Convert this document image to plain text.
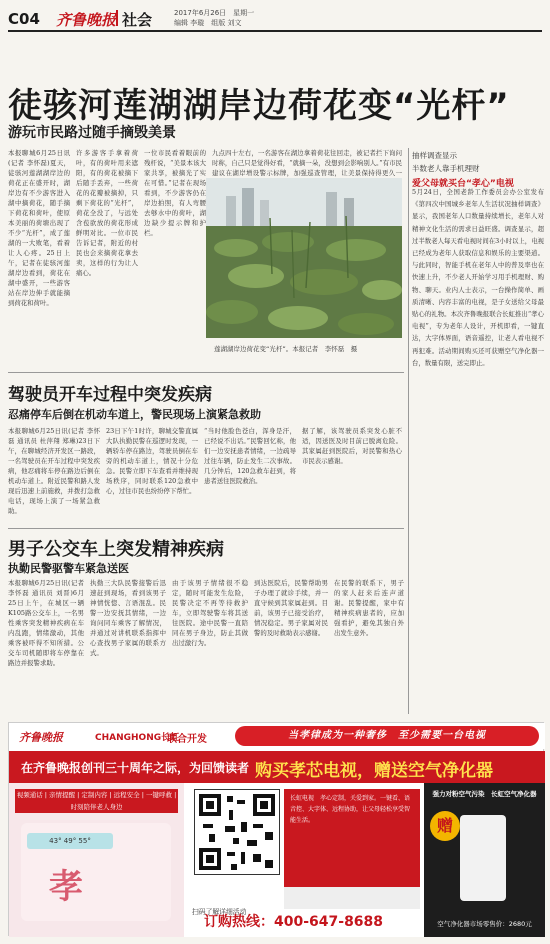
C04 齐鲁晚报 社会	2017年6月26日　星期一
编辑 李璇　组版 刘文
徒骇河莲湖湖岸边荷花变“光杆”
游玩市民路过随手摘毁美景
本报聊城6月25日讯(记者 李怀磊)夏天，徒骇河莲湖湖岸边的荷花正在盛开时，湖岸边有不少游客进入湖中摘荷花，随手摘下荷花和荷叶，使原本美丽的荷塘出现了不少“光杆”，成了莲湖的一大败笔，看着让人心疼。25日上午，记者在徒骇河莲湖岸边看到，荷花在湖中盛开，一些游客站在岸边伸手就能摘到荷花和荷叶。
许多游客手拿着荷叶，有的荷叶用来遮阳，有的荷花被摘下后随手丢弃，一些荷花的花瓣被摘掉，只剩下荷花的“光杆”，荷花全没了，与远处含苞欲放的荷花形成鲜明对比。一位市民告诉记者，附近的村民也会来摘荷花拿去卖，这样的行为让人痛心。
一位市民看着眼前的残杆说，“美景本该大家共享，被摘光了实在可惜。”记者在现场看到，不少游客仍在岸边拍照，有人弯腰去够水中的荷叶，湖边缺少提示牌和护栏。
九点四十左右，一名游客在湖边拿着荷花往回走，被记者拦下询问时称，自己只是觉得好看，“就摘一朵，没想到会影响别人。”有市民建议在湖岸增设警示标牌，加强巡查管理，让美景保持得更久一
莲湖湖岸边荷花变“光杆”。本报记者　李怀磊　摄
驾驶员开车过程中突发疾病
忍痛停车后倒在机动车道上，警民现场上演紧急救助
本报聊城6月25日讯(记者 李怀磊 通讯员 杜萍翔 郑琳)23日下午，在聊城经济开发区一路段，一名驾驶员在开车过程中突发疾病，他忍痛将车停在路边后倒在机动车道上。附近民警和路人发现后迅速上前施救，并拨打急救电话，现场上演了一场紧急救助。
23日下午1时许，聊城交警直属大队执勤民警在巡逻时发现，一辆轿车停在路边，驾驶员倒在车旁的机动车道上，情况十分危急。民警立即下车查看并维持现场秩序，同时联系120急救中心，过往市民也纷纷停下帮忙。
“当时他脸色苍白，浑身是汗，已经说不出话。”民警回忆称，他们一边安抚患者情绪，一边疏导过往车辆，防止发生二次事故。几分钟后，120急救车赶到，将患者送往医院救治。
据了解，该驾驶员系突发心脏不适，因送医及时目前已脱离危险。其家属赶到医院后，对民警和热心市民表示感谢。
男子公交车上突发精神疾病
执勤民警驱警车紧急送医
本报聊城6月25日讯(记者 李怀磊 通讯员 刘晋)6月25日上午，在城区一辆K105路公交车上，一名男性乘客突发精神疾病在车内乱跑，情绪激动，其他乘客被吓得不知所措。公交车司机随即将车停靠在路边并报警求助。
执勤三大队民警接警后迅速赶到现场，看到该男子神情恍惚、言语混乱。民警一边安抚其情绪，一边询问同车乘客了解情况，并通过对讲机联系指挥中心查找男子家属的联系方式。
由于该男子情绪很不稳定，随时可能发生危险，民警决定不再等待救护车，立即驾驶警车将其送往医院。途中民警一直陪同在男子身边，防止其做出过激行为。
到达医院后，民警帮助男子办理了就诊手续，并一直守候到其家属赶到。目前，该男子已接受治疗，情况稳定。男子家属对民警的及时救助表示感谢。
在民警的联系下，男子的家人赶来后连声道谢。民警提醒，家中有精神疾病患者的，应加强看护，避免其独自外出发生意外。
抽样调查显示
半数老人靠手机理财
爱父母就买台“孝心”电视
5月24日，全国老龄工作委员会办公室发布《第四次中国城乡老年人生活状况抽样调查》显示，我国老年人口数量持续增长，老年人对精神文化生活的需求日益旺盛。调查显示，超过半数老人每天看电视时间在3小时以上，电视已经成为老年人获取信息和娱乐的主要渠道。与此同时，智能手机在老年人中的普及率也在快速上升，不少老人开始学习用手机理财、购物、聊天。业内人士表示，一台操作简单、画质清晰、内容丰富的电视，是子女送给父母最贴心的礼物。本次齐鲁晚报联合长虹推出“孝心电视”，专为老年人设计，开机即看，一键直达，大字体界面，语音遥控，让老人看电视不再犯难。活动期间购买还可获赠空气净化器一台，数量有限，送完即止。
齐鲁晚报	CHANGHONG长虹
联合开发	当孝律成为一种奢侈　至少需要一台电视
在齐鲁晚报创刊三十周年之际，为回馈读者 购买孝芯电视，赠送空气净化器
视频通话 | 亲情提醒 | 定制内容 | 远程安全 | 一键呼救 | 时刻陪伴老人身边
43° 49° 55°
孝
长虹电视　孝心定制，关爱到家。一键看、语音控、大字体、远程协助，让父母轻松享受智能生活。
扫码了解详细活动
订购热线：400-647-8688
强力对粉空气污染　长虹空气净化器
赠
空气净化器市场零售价：2680元
